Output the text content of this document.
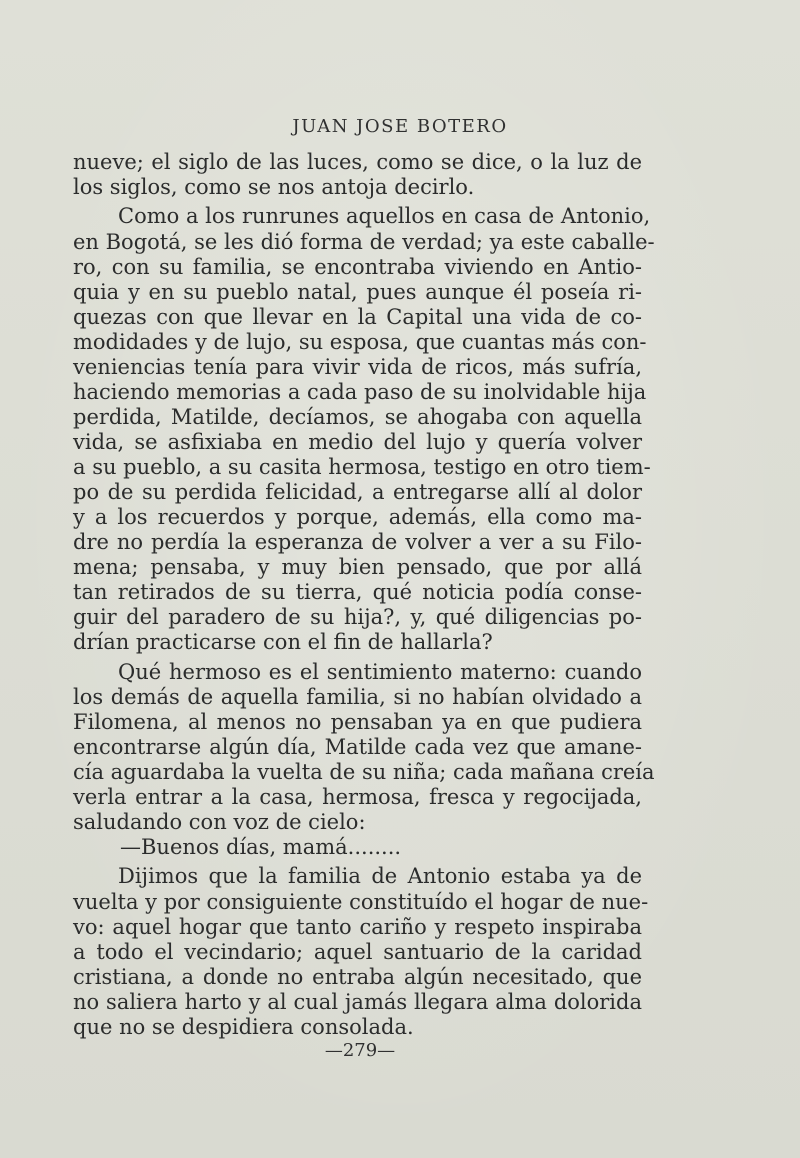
JUAN JOSE BOTERO
nueve; el siglo de las luces, como se dice, o la luz de
los siglos, como se nos antoja decirlo.
Como a los runrunes aquellos en casa de Antonio,
en Bogotá, se les dió forma de verdad; ya este caballe-
ro, con su familia, se encontraba viviendo en Antio-
quia y en su pueblo natal, pues aunque él poseía ri-
quezas con que llevar en la Capital una vida de co-
modidades y de lujo, su esposa, que cuantas más con-
veniencias tenía para vivir vida de ricos, más sufría,
haciendo memorias a cada paso de su inolvidable hija
perdida, Matilde, decíamos, se ahogaba con aquella
vida, se asfixiaba en medio del lujo y quería volver
a su pueblo, a su casita hermosa, testigo en otro tiem-
po de su perdida felicidad, a entregarse allí al dolor
y a los recuerdos y porque, además, ella como ma-
dre no perdía la esperanza de volver a ver a su Filo-
mena; pensaba, y muy bien pensado, que por allá
tan retirados de su tierra, qué noticia podía conse-
guir del paradero de su hija?, y, qué diligencias po-
drían practicarse con el fin de hallarla?
Qué hermoso es el sentimiento materno: cuando
los demás de aquella familia, si no habían olvidado a
Filomena, al menos no pensaban ya en que pudiera
encontrarse algún día, Matilde cada vez que amane-
cía aguardaba la vuelta de su niña; cada mañana creía
verla entrar a la casa, hermosa, fresca y regocijada,
saludando con voz de cielo:
—Buenos días, mamá........
Dijimos que la familia de Antonio estaba ya de
vuelta y por consiguiente constituído el hogar de nue-
vo: aquel hogar que tanto cariño y respeto inspiraba
a todo el vecindario; aquel santuario de la caridad
cristiana, a donde no entraba algún necesitado, que
no saliera harto y al cual jamás llegara alma dolorida
que no se despidiera consolada.
—279—
